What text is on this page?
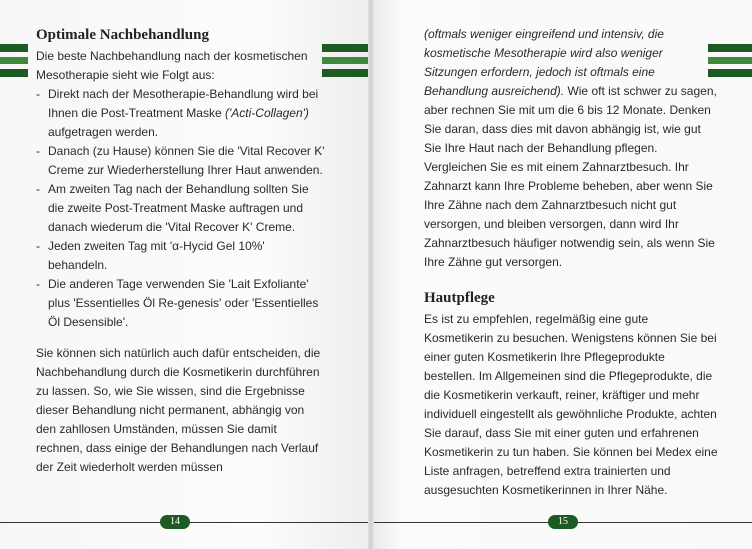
Optimale Nachbehandlung

Die beste Nachbehandlung nach der kosmetischen Mesotherapie sieht wie Folgt aus:

- Direkt nach der Mesotherapie-Behandlung wird bei Ihnen die Post-Treatment Maske ('Acti-Collagen') aufgetragen werden.
- Danach (zu Hause) können Sie die 'Vital Recover K' Creme zur Wiederherstellung Ihrer Haut anwenden.
- Am zweiten Tag nach der Behandlung sollten Sie die zweite Post-Treatment Maske auftragen und danach wiederum die 'Vital Recover K' Creme.
- Jeden zweiten Tag mit 'α-Hycid Gel 10%' behandeln.
- Die anderen Tage verwenden Sie 'Lait Exfoliante' plus 'Essentielles Öl Re-genesis' oder 'Essentielles Öl Desensible'.

Sie können sich natürlich auch dafür entscheiden, die Nachbehandlung durch die Kosmetikerin durchführen zu lassen. So, wie Sie wissen, sind die Ergebnisse dieser Behandlung nicht permanent, abhängig von den zahllosen Umständen, müssen Sie damit rechnen, dass einige der Behandlungen nach Verlauf der Zeit wiederholt werden müssen

14

(oftmals weniger eingreifend und intensiv, die kosmetische Mesotherapie wird also weniger Sitzungen erfordern, jedoch ist oftmals eine Behandlung ausreichend). Wie oft ist schwer zu sagen, aber rechnen Sie mit um die 6 bis 12 Monate. Denken Sie daran, dass dies mit davon abhängig ist, wie gut Sie Ihre Haut nach der Behandlung pflegen. Vergleichen Sie es mit einem Zahnarztbesuch. Ihr Zahnarzt kann Ihre Probleme beheben, aber wenn Sie Ihre Zähne nach dem Zahnarztbesuch nicht gut versorgen, und bleiben versorgen, dann wird Ihr Zahnarztbesuch häufiger notwendig sein, als wenn Sie Ihre Zähne gut versorgen.

Hautpflege

Es ist zu empfehlen, regelmäßig eine gute Kosmetikerin zu besuchen. Wenigstens können Sie bei einer guten Kosmetikerin Ihre Pflegeprodukte bestellen. Im Allgemeinen sind die Pflegeprodukte, die die Kosmetikerin verkauft, reiner, kräftiger und mehr individuell eingestellt als gewöhnliche Produkte, achten Sie darauf, dass Sie mit einer guten und erfahrenen Kosmetikerin zu tun haben. Sie können bei Medex eine Liste anfragen, betreffend extra trainierten und ausgesuchten Kosmetikerinnen in Ihrer Nähe.

15
